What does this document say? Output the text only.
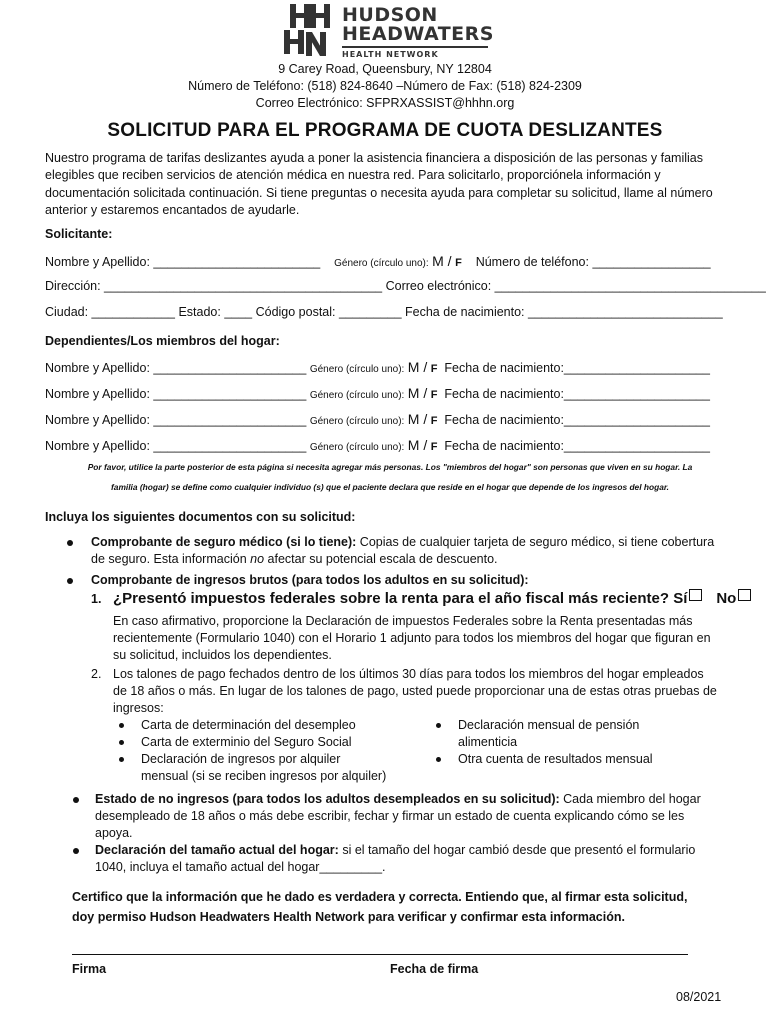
HUDSON
HEADWATERS
HEALTH NETWORK
9 Carey Road, Queensbury, NY 12804
Número de Teléfono: (518) 824-8640 –Número de Fax: (518) 824-2309
Correo Electrónico: SFPRXASSIST@hhhn.org
SOLICITUD PARA EL PROGRAMA DE CUOTA DESLIZANTES
Nuestro programa de tarifas deslizantes ayuda a poner la asistencia financiera a disposición de las personas y familias
elegibles que reciben servicios de atención médica en nuestra red. Para solicitarlo, proporciónela información y
documentación solicitada continuación. Si tiene preguntas o necesita ayuda para completar su solicitud, llame al número
anterior y estaremos encantados de ayudarle.
Solicitante:
Nombre y Apellido: ________________________ Género (círculo uno): M / F Número de teléfono: _________________
Dirección: ________________________________________ Correo electrónico: _______________________________________
Ciudad: ____________ Estado: ____ Código postal: _________ Fecha de nacimiento: ____________________________
Dependientes/Los miembros del hogar:
Nombre y Apellido: ______________________ Género (círculo uno): M / F Fecha de nacimiento:_____________________
Nombre y Apellido: ______________________ Género (círculo uno): M / F Fecha de nacimiento:_____________________
Nombre y Apellido: ______________________ Género (círculo uno): M / F Fecha de nacimiento:_____________________
Nombre y Apellido: ______________________ Género (círculo uno): M / F Fecha de nacimiento:_____________________
Por favor, utilice la parte posterior de esta página si necesita agregar más personas. Los "miembros del hogar" son personas que viven en su hogar. La
familia (hogar) se define como cualquier individuo (s) que el paciente declara que reside en el hogar que depende de los ingresos del hogar.
Incluya los siguientes documentos con su solicitud:
Comprobante de seguro médico (si lo tiene): Copias de cualquier tarjeta de seguro médico, si tiene cobertura
de seguro. Esta información no afectar su potencial escala de descuento.
Comprobante de ingresos brutos (para todos los adultos en su solicitud):
1. ¿Presentó impuestos federales sobre la renta para el año fiscal más reciente? Sí No
En caso afirmativo, proporcione la Declaración de impuestos Federales sobre la Renta presentadas más
recientemente (Formulario 1040) con el Horario 1 adjunto para todos los miembros del hogar que figuran en
su solicitud, incluidos los dependientes.
2. Los talones de pago fechados dentro de los últimos 30 días para todos los miembros del hogar empleados
de 18 años o más. En lugar de los talones de pago, usted puede proporcionar una de estas otras pruebas de
ingresos:
Carta de determinación del desempleo
Carta de exterminio del Seguro Social
Declaración de ingresos por alquiler
mensual (si se reciben ingresos por alquiler)
Declaración mensual de pensión
alimenticia
Otra cuenta de resultados mensual
Estado de no ingresos (para todos los adultos desempleados en su solicitud): Cada miembro del hogar
desempleado de 18 años o más debe escribir, fechar y firmar un estado de cuenta explicando cómo se les
apoya.
Declaración del tamaño actual del hogar: si el tamaño del hogar cambió desde que presentó el formulario
1040, incluya el tamaño actual del hogar_________.
Certifico que la información que he dado es verdadera y correcta. Entiendo que, al firmar esta solicitud,
doy permiso Hudson Headwaters Health Network para verificar y confirmar esta información.
Firma	Fecha de firma
08/2021
